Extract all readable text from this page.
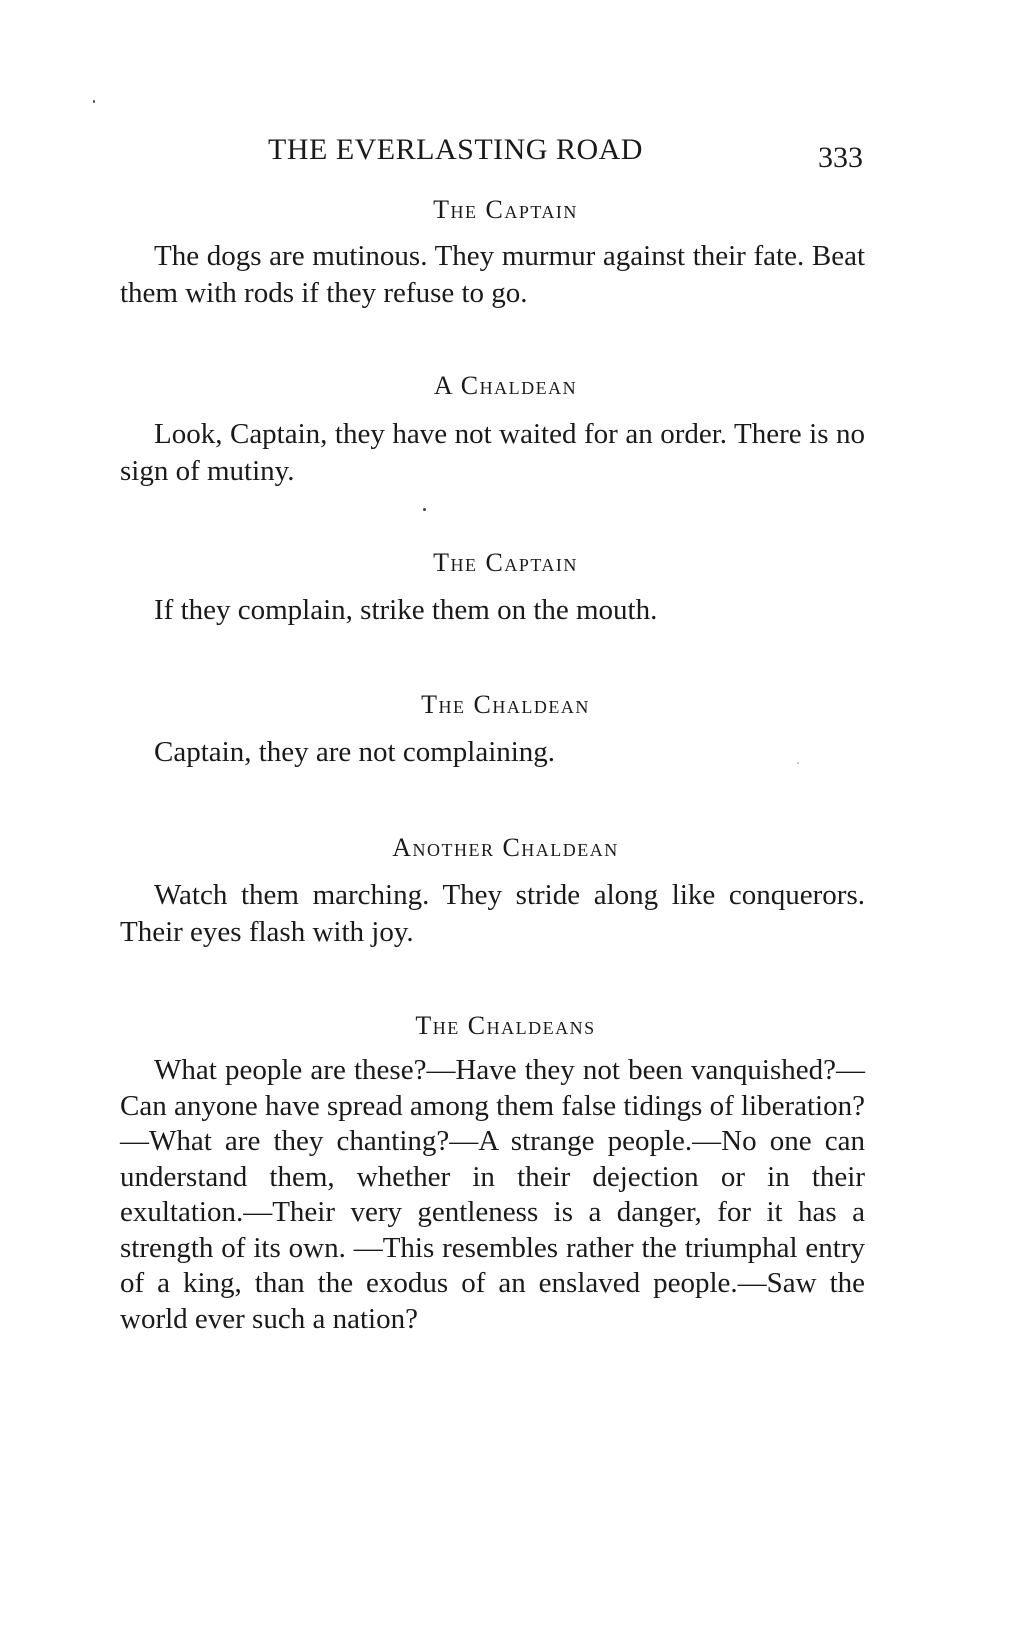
THE EVERLASTING ROAD	333
The Captain

The dogs are mutinous. They murmur against their fate. Beat them with rods if they refuse to go.

A Chaldean

Look, Captain, they have not waited for an order. There is no sign of mutiny.

The Captain

If they complain, strike them on the mouth.

The Chaldean

Captain, they are not complaining.

Another Chaldean

Watch them marching. They stride along like conquerors. Their eyes flash with joy.

The Chaldeans

What people are these?—Have they not been vanquished?—Can anyone have spread among them false tidings of liberation?—What are they chanting?—A strange people.—No one can understand them, whether in their dejection or in their exultation.—Their very gentleness is a danger, for it has a strength of its own. —This resembles rather the triumphal entry of a king, than the exodus of an enslaved people.—Saw the world ever such a nation?
